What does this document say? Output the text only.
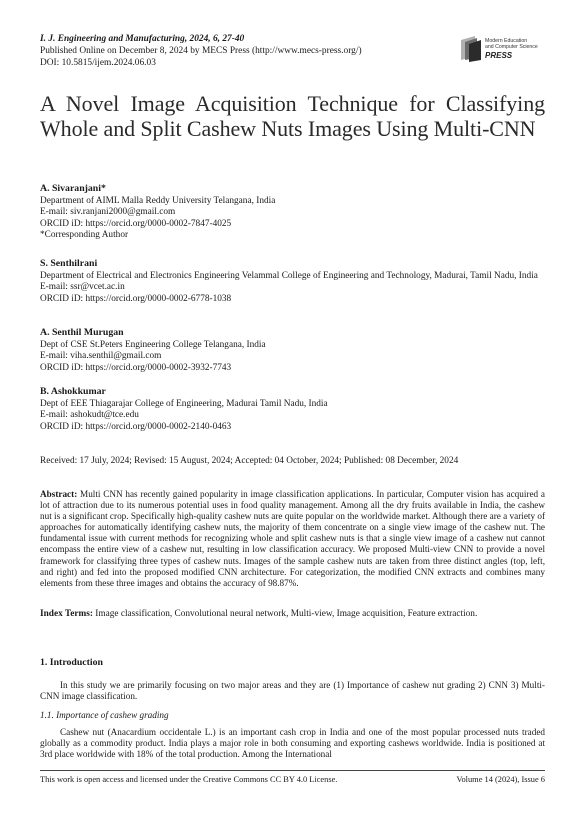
I. J. Engineering and Manufacturing, 2024, 6, 27-40
Published Online on December 8, 2024 by MECS Press (http://www.mecs-press.org/)
DOI: 10.5815/ijem.2024.06.03
Modern Education
and Computer Science
PRESS
A Novel Image Acquisition Technique for Classifying Whole and Split Cashew Nuts Images Using Multi-CNN
A. Sivaranjani*
Department of AIML Malla Reddy University Telangana, India
E-mail: siv.ranjani2000@gmail.com
ORCID iD: https://orcid.org/0000-0002-7847-4025
*Corresponding Author
S. Senthilrani
Department of Electrical and Electronics Engineering Velammal College of Engineering and Technology, Madurai, Tamil Nadu, India
E-mail: ssr@vcet.ac.in
ORCID iD: https://orcid.org/0000-0002-6778-1038
A. Senthil Murugan
Dept of CSE St.Peters Engineering College Telangana, India
E-mail: viha.senthil@gmail.com
ORCID iD: https://orcid.org/0000-0002-3932-7743
B. Ashokkumar
Dept of EEE Thiagarajar College of Engineering, Madurai Tamil Nadu, India
E-mail: ashokudt@tce.edu
ORCID iD: https://orcid.org/0000-0002-2140-0463
Received: 17 July, 2024; Revised: 15 August, 2024; Accepted: 04 October, 2024; Published: 08 December, 2024
Abstract: Multi CNN has recently gained popularity in image classification applications. In particular, Computer vision has acquired a lot of attraction due to its numerous potential uses in food quality management. Among all the dry fruits available in India, the cashew nut is a significant crop. Specifically high-quality cashew nuts are quite popular on the worldwide market. Although there are a variety of approaches for automatically identifying cashew nuts, the majority of them concentrate on a single view image of the cashew nut. The fundamental issue with current methods for recognizing whole and split cashew nuts is that a single view image of a cashew nut cannot encompass the entire view of a cashew nut, resulting in low classification accuracy. We proposed Multi-view CNN to provide a novel framework for classifying three types of cashew nuts. Images of the sample cashew nuts are taken from three distinct angles (top, left, and right) and fed into the proposed modified CNN architecture. For categorization, the modified CNN extracts and combines many elements from these three images and obtains the accuracy of 98.87%.
Index Terms: Image classification, Convolutional neural network, Multi-view, Image acquisition, Feature extraction.
1. Introduction
In this study we are primarily focusing on two major areas and they are (1) Importance of cashew nut grading 2) CNN 3) Multi-CNN image classification.
1.1. Importance of cashew grading
Cashew nut (Anacardium occidentale L.) is an important cash crop in India and one of the most popular processed nuts traded globally as a commodity product. India plays a major role in both consuming and exporting cashews worldwide. India is positioned at 3rd place worldwide with 18% of the total production. Among the International
This work is open access and licensed under the Creative Commons CC BY 4.0 License.	Volume 14 (2024), Issue 6
